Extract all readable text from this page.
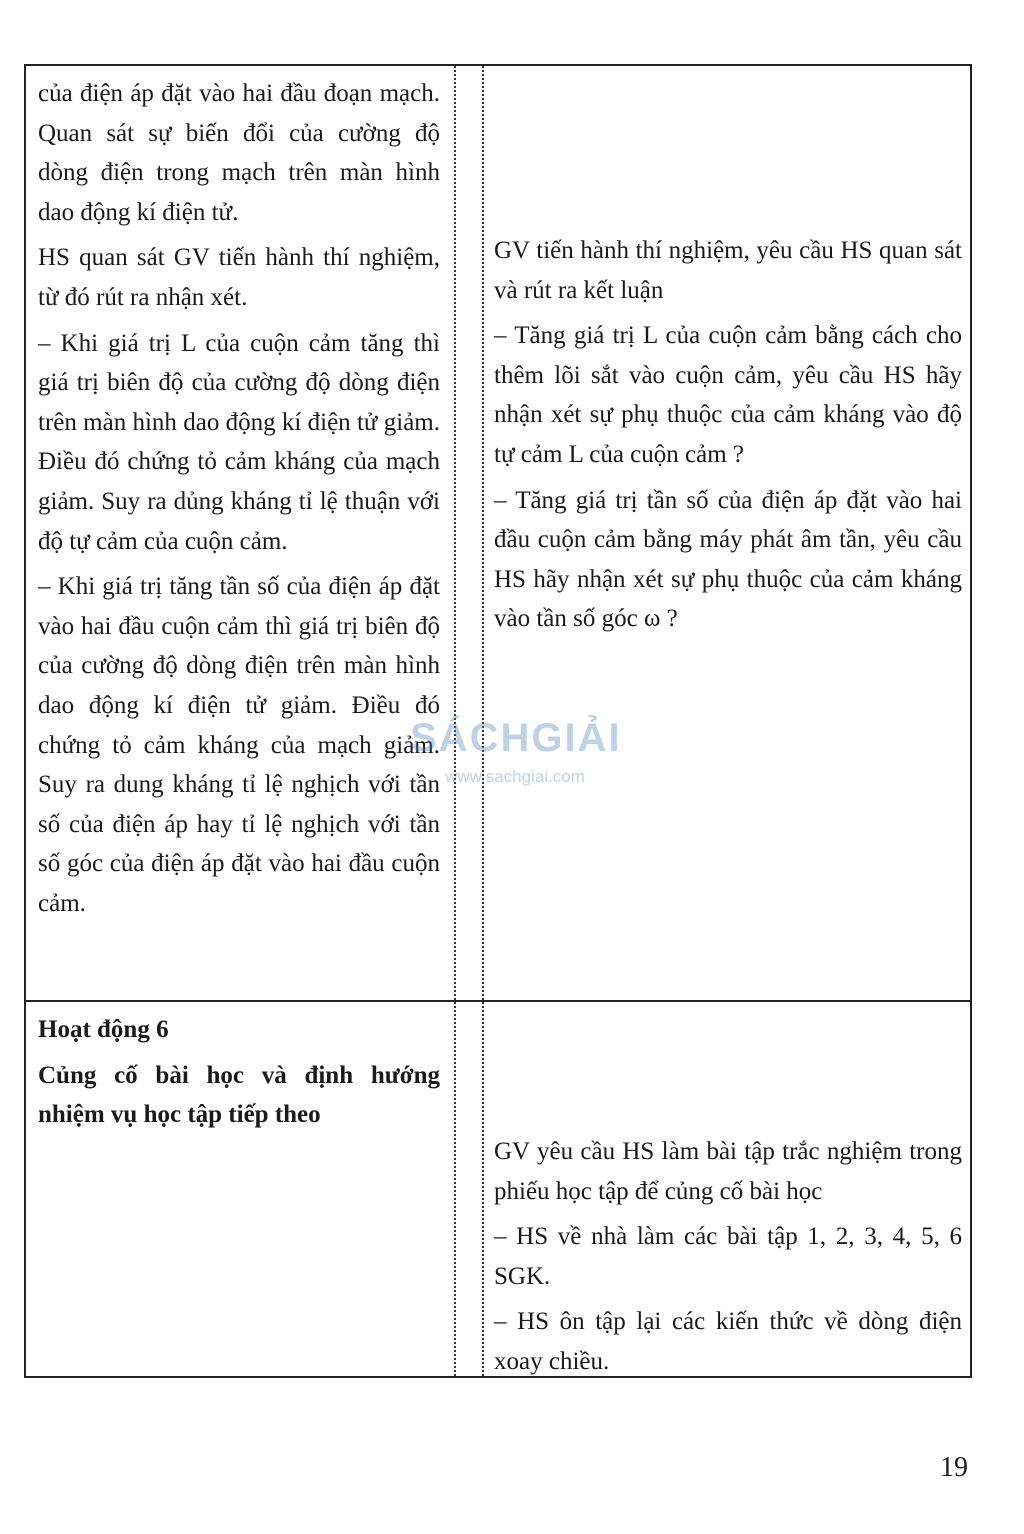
của điện áp đặt vào hai đầu đoạn mạch. Quan sát sự biến đổi của cường độ dòng điện trong mạch trên màn hình dao động kí điện tử.

HS quan sát GV tiến hành thí nghiệm, từ đó rút ra nhận xét.

– Khi giá trị L của cuộn cảm tăng thì giá trị biên độ của cường độ dòng điện trên màn hình dao động kí điện tử giảm. Điều đó chứng tỏ cảm kháng của mạch giảm. Suy ra dủng kháng tỉ lệ thuận với độ tự cảm của cuộn cảm.

– Khi giá trị tăng tần số của điện áp đặt vào hai đầu cuộn cảm thì giá trị biên độ của cường độ dòng điện trên màn hình dao động kí điện tử giảm. Điều đó chứng tỏ cảm kháng của mạch giảm. Suy ra dung kháng tỉ lệ nghịch với tần số của điện áp hay tỉ lệ nghịch với tần số góc của điện áp đặt vào hai đầu cuộn cảm.

GV tiến hành thí nghiệm, yêu cầu HS quan sát và rút ra kết luận

– Tăng giá trị L của cuộn cảm bằng cách cho thêm lõi sắt vào cuộn cảm, yêu cầu HS hãy nhận xét sự phụ thuộc của cảm kháng vào độ tự cảm L của cuộn cảm ?

– Tăng giá trị tần số của điện áp đặt vào hai đầu cuộn cảm bằng máy phát âm tần, yêu cầu HS hãy nhận xét sự phụ thuộc của cảm kháng vào tần số góc ω ?

Hoạt động 6

Củng cố bài học và định hướng nhiệm vụ học tập tiếp theo

GV yêu cầu HS làm bài tập trắc nghiệm trong phiếu học tập để củng cố bài học

– HS về nhà làm các bài tập 1, 2, 3, 4, 5, 6 SGK.

– HS ôn tập lại các kiến thức về dòng điện xoay chiều.

SÁCHGIẢI
www.sachgiai.com
19
